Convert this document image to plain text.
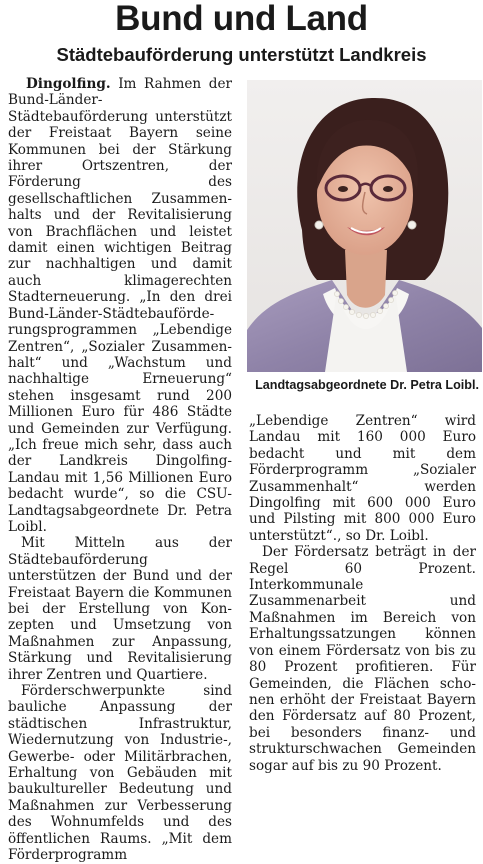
Bund und Land
Städtebauförderung unterstützt Landkreis

Dingolfing. Im Rahmen der Bund-Länder-Städtebauförderung unterstützt der Freistaat Bayern seine Kommunen bei der Stärkung ihrer Ortszentren, der Förderung des gesellschaftlichen Zusammenhalts und der Revitalisierung von Brachflächen und leistet damit einen wichtigen Beitrag zur nachhaltigen und damit auch klimagerechten Stadterneuerung. „In den drei Bund-Länder-Städtebauförderungsprogrammen „Lebendige Zentren“, „Sozialer Zusammenhalt“ und „Wachstum und nachhaltige Erneuerung“ stehen insgesamt rund 200 Millionen Euro für 486 Städte und Gemeinden zur Verfügung. „Ich freue mich sehr, dass auch der Landkreis Dingolfing-Landau mit 1,56 Millionen Euro bedacht wurde“, so die CSU-Landtagsabgeordnete Dr. Petra Loibl.

Mit Mitteln aus der Städtebauförderung unterstützen der Bund und der Freistaat Bayern die Kommunen bei der Erstellung von Konzepten und Umsetzung von Maßnahmen zur Anpassung, Stärkung und Revitalisierung ihrer Zentren und Quartiere.

Förderschwerpunkte sind bauliche Anpassung der städtischen Infrastruktur, Wiedernutzung von Industrie-, Gewerbe- oder Militärbrachen, Erhaltung von Gebäuden mit baukultureller Bedeutung und Maßnahmen zur Verbesserung des Wohnumfelds und des öffentlichen Raums. „Mit dem Förderprogramm

Landtagsabgeordnete Dr. Petra Loibl.

„Lebendige Zentren“ wird Landau mit 160 000 Euro bedacht und mit dem Förderprogramm „Sozialer Zusammenhalt“ werden Dingolfing mit 600 000 Euro und Pilsting mit 800 000 Euro unterstützt“., so Dr. Loibl.

Der Fördersatz beträgt in der Regel 60 Prozent. Interkommunale Zusammenarbeit und Maßnahmen im Bereich von Erhaltungssatzungen können von einem Fördersatz von bis zu 80 Prozent profitieren. Für Gemeinden, die Flächen schonen erhöht der Freistaat Bayern den Fördersatz auf 80 Prozent, bei besonders finanz- und strukturschwachen Gemeinden sogar auf bis zu 90 Prozent.
